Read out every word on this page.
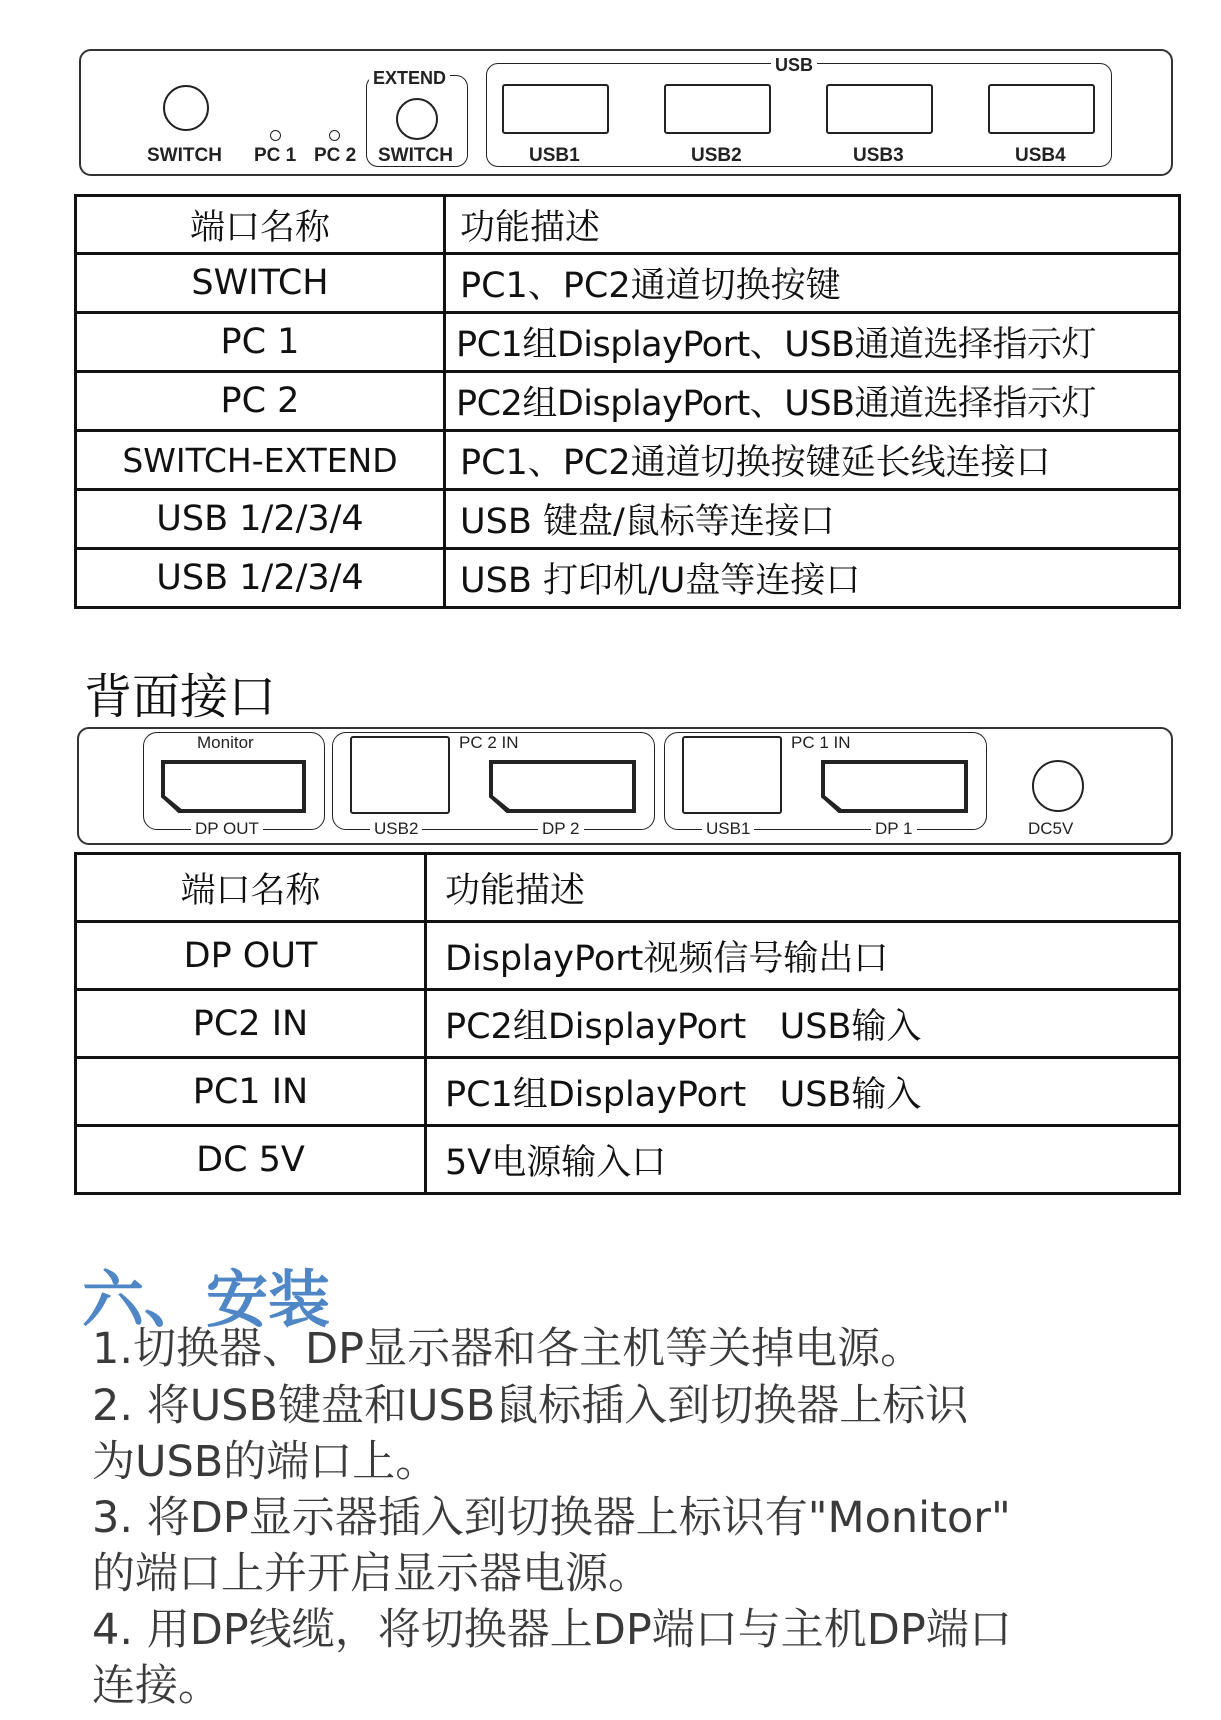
SWITCH PC 1 PC 2
EXTEND
SWITCH
USB
USB1	USB2	USB3	USB4
端口名称	功能描述
SWITCH	PC1、PC2通道切换按键
PC 1	PC1组DisplayPort、USB通道选择指示灯
PC 2	PC2组DisplayPort、USB通道选择指示灯
SWITCH-EXTEND	PC1、PC2通道切换按键延长线连接口
USB 1/2/3/4	USB 键盘/鼠标等连接口
USB 1/2/3/4	USB 打印机/U盘等连接口
背面接口
Monitor
DP OUT
PC 2 IN
USB2	DP 2
PC 1 IN
USB1	DP 1	DC5V
端口名称	功能描述
DP OUT	DisplayPort视频信号输出口
PC2 IN	PC2组DisplayPort   USB输入
PC1 IN	PC1组DisplayPort   USB输入
DC 5V	5V电源输入口
六、安装
1.切换器、DP显示器和各主机等关掉电源。
2. 将USB键盘和USB鼠标插入到切换器上标识
为USB的端口上。
3. 将DP显示器插入到切换器上标识有"Monitor"
的端口上并开启显示器电源。
4. 用DP线缆，将切换器上DP端口与主机DP端口
连接。
